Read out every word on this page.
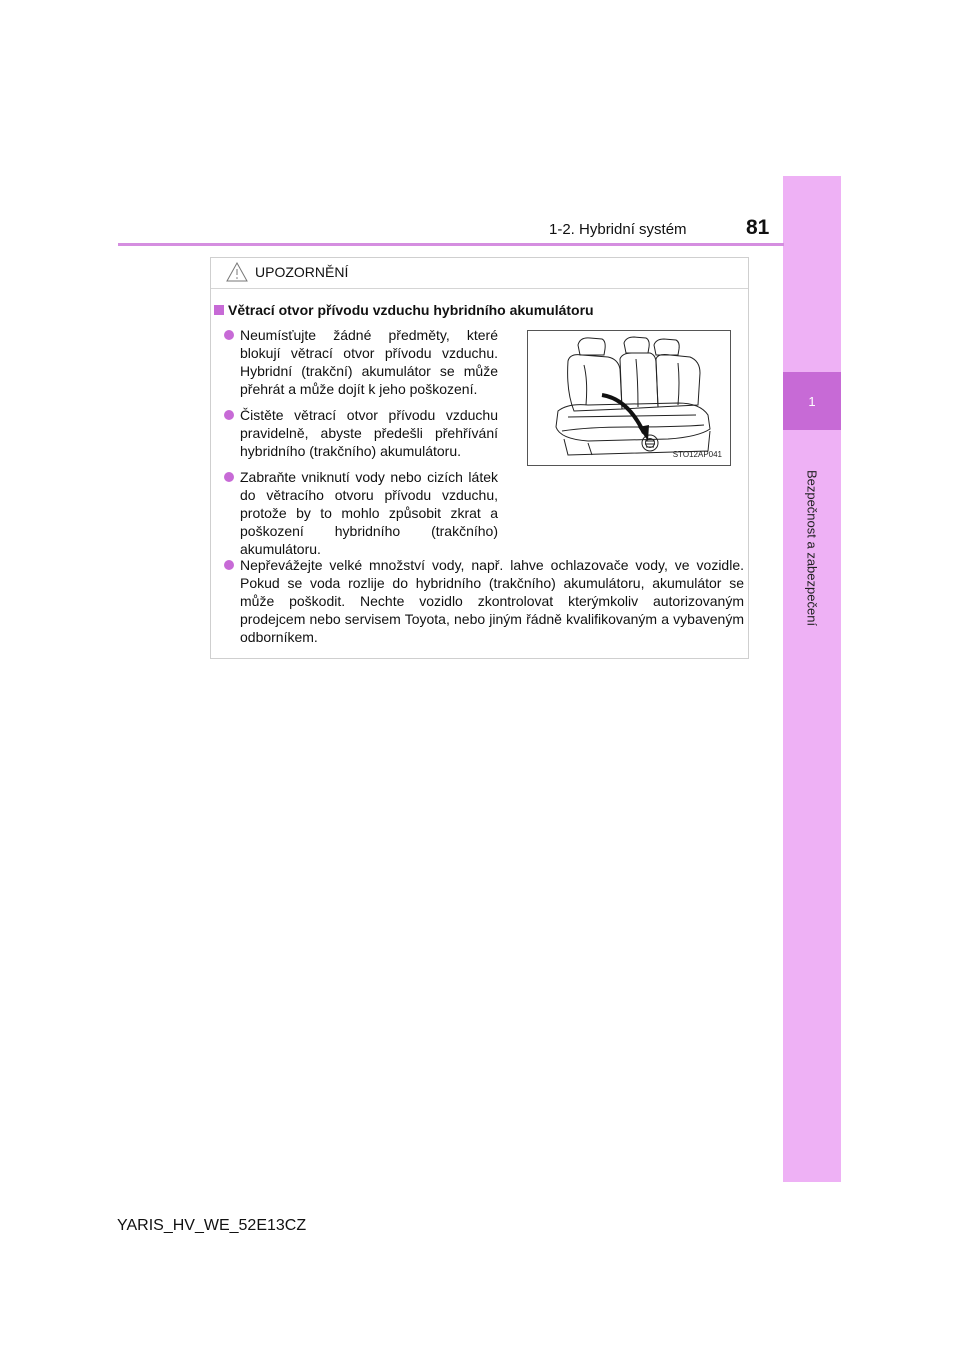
1
Bezpečnost a zabezpečení
1-2. Hybridní systém	81
UPOZORNĚNÍ
Větrací otvor přívodu vzduchu hybridního akumulátoru
Neumísťujte žádné předměty, které blokují větrací otvor přívodu vzduchu. Hybridní (trakční) akumulátor se může přehrát a může dojít k jeho poškození.
Čistěte větrací otvor přívodu vzduchu pravidelně, abyste předešli přehřívání hybridního (trakčního) akumulátoru.
Zabraňte vniknutí vody nebo cizích látek do větracího otvoru přívodu vzduchu, protože by to mohlo způsobit zkrat a poškození hybridního (trakčního) akumulátoru.
Nepřevážejte velké množství vody, např. lahve ochlazovače vody, ve vozidle. Pokud se voda rozlije do hybridního (trakčního) akumulátoru, akumulátor se může poškodit. Nechte vozidlo zkontrolovat kterýmkoliv autorizovaným prodejcem nebo servisem Toyota, nebo jiným řádně kvalifikovaným a vybaveným odborníkem.
STO12AP041
YARIS_HV_WE_52E13CZ
